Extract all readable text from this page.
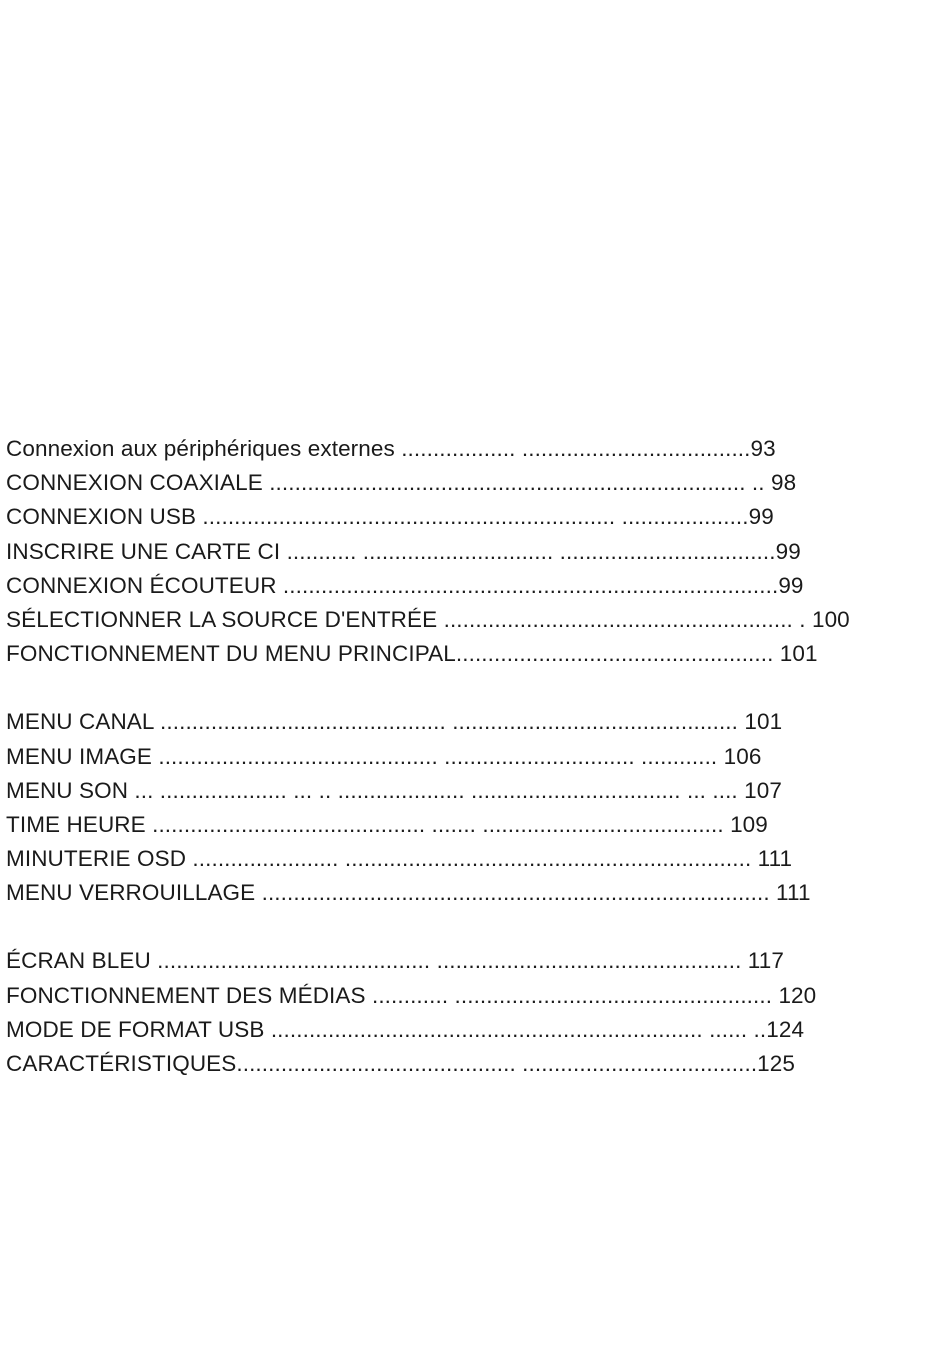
Connexion aux périphériques externes .................. ....................................93
CONNEXION COAXIALE ........................................................................... .. 98
CONNEXION USB ................................................................. ....................99
INSCRIRE UNE CARTE CI ........... .............................. ..................................99
CONNEXION ÉCOUTEUR ..............................................................................99
SÉLECTIONNER LA SOURCE D'ENTRÉE ....................................................... . 100
FONCTIONNEMENT DU MENU PRINCIPAL.................................................. 101
MENU CANAL ............................................. ............................................. 101
MENU IMAGE ............................................ .............................. ............ 106
MENU SON ... .................... ... .. .................... ................................. ... .... 107
TIME HEURE ........................................... ....... ...................................... 109
MINUTERIE OSD ....................... ................................................................ 111
MENU VERROUILLAGE ................................................................................ 111
ÉCRAN BLEU ........................................... ................................................ 117
FONCTIONNEMENT DES MÉDIAS ............ .................................................. 120
MODE DE FORMAT USB .................................................................... ...... ..124
CARACTÉRISTIQUES............................................ .....................................125
